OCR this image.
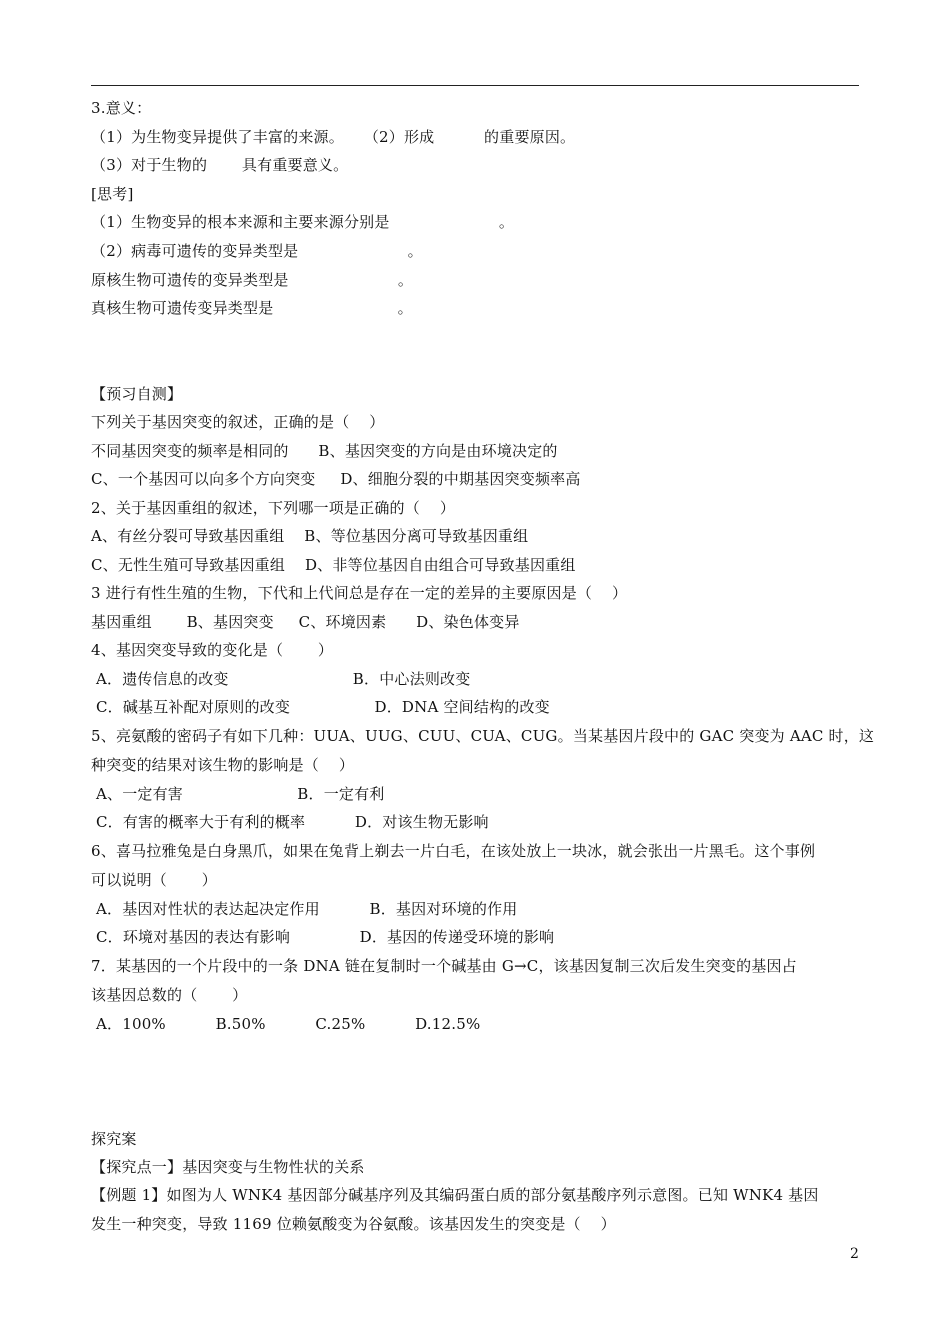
3.意义：
（1）为生物变异提供了丰富的来源。    （2）形成          的重要原因。
（3）对于生物的       具有重要意义。
[思考]
（1）生物变异的根本来源和主要来源分别是                      。
（2）病毒可遗传的变异类型是                      。
原核生物可遗传的变异类型是                      。
真核生物可遗传变异类型是                         。
【预习自测】
下列关于基因突变的叙述，正确的是（    ）
不同基因突变的频率是相同的      B、基因突变的方向是由环境决定的
C、一个基因可以向多个方向突变     D、细胞分裂的中期基因突变频率高
2、关于基因重组的叙述，下列哪一项是正确的（    ）
A、有丝分裂可导致基因重组    B、等位基因分离可导致基因重组
C、无性生殖可导致基因重组    D、非等位基因自由组合可导致基因重组
3 进行有性生殖的生物，下代和上代间总是存在一定的差异的主要原因是（    ）
基因重组       B、基因突变     C、环境因素      D、染色体变异
4、基因突变导致的变化是（       ）
A．遗传信息的改变                         B．中心法则改变
C．碱基互补配对原则的改变                 D．DNA 空间结构的改变
5、亮氨酸的密码子有如下几种：UUA、UUG、CUU、CUA、CUG。当某基因片段中的 GAC 突变为 AAC 时，这
种突变的结果对该生物的影响是（    ）
A、一定有害                       B．一定有利
C．有害的概率大于有利的概率          D．对该生物无影响
6、喜马拉雅兔是白身黑爪，如果在兔背上剃去一片白毛，在该处放上一块冰，就会张出一片黑毛。这个事例
可以说明（       ）
A．基因对性状的表达起决定作用          B．基因对环境的作用
C．环境对基因的表达有影响              D．基因的传递受环境的影响
7．某基因的一个片段中的一条 DNA 链在复制时一个碱基由 G→C，该基因复制三次后发生突变的基因占
该基因总数的（       ）
A．100%          B.50%          C.25%          D.12.5%
探究案
【探究点一】基因突变与生物性状的关系
【例题 1】如图为人 WNK4 基因部分碱基序列及其编码蛋白质的部分氨基酸序列示意图。已知 WNK4 基因
发生一种突变，导致 1169 位赖氨酸变为谷氨酸。该基因发生的突变是（    ）
2
